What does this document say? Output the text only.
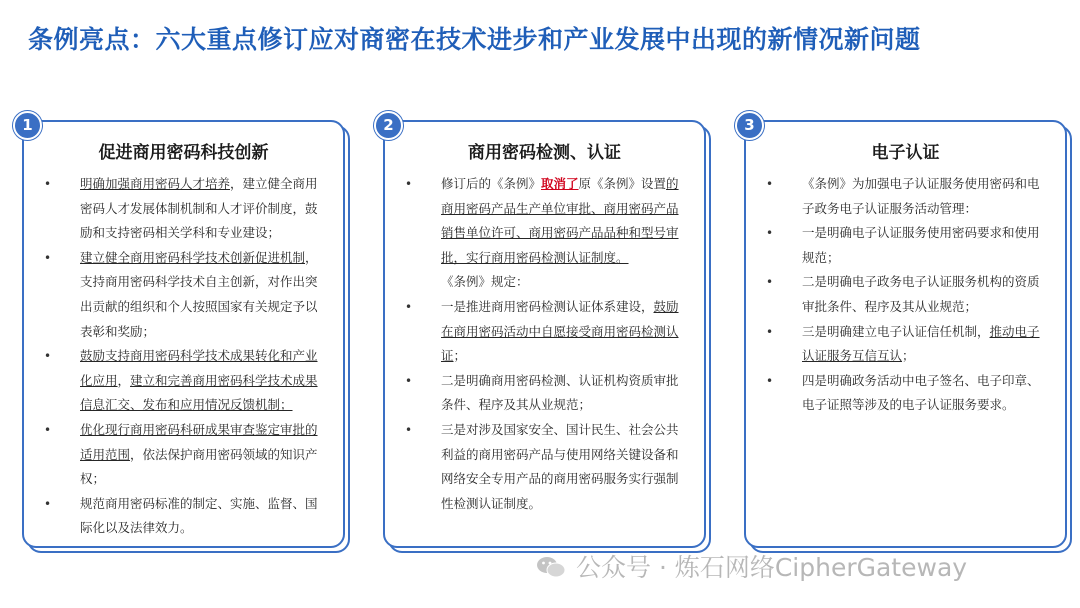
条例亮点：六大重点修订应对商密在技术进步和产业发展中出现的新情况新问题
促进商用密码科技创新
• 明确加强商用密码人才培养，建立健全商用密码人才发展体制机制和人才评价制度，鼓励和支持密码相关学科和专业建设；
• 建立健全商用密码科学技术创新促进机制，支持商用密码科学技术自主创新，对作出突出贡献的组织和个人按照国家有关规定予以表彰和奖励；
• 鼓励支持商用密码科学技术成果转化和产业化应用，建立和完善商用密码科学技术成果信息汇交、发布和应用情况反馈机制；
• 优化现行商用密码科研成果审查鉴定审批的适用范围，依法保护商用密码领域的知识产权；
• 规范商用密码标准的制定、实施、监督、国际化以及法律效力。
1
商用密码检测、认证
• 修订后的《条例》取消了原《条例》设置的商用密码产品生产单位审批、商用密码产品销售单位许可、商用密码产品品种和型号审批，实行商用密码检测认证制度。
《条例》规定：
• 一是推进商用密码检测认证体系建设，鼓励在商用密码活动中自愿接受商用密码检测认证；
• 二是明确商用密码检测、认证机构资质审批条件、程序及其从业规范；
• 三是对涉及国家安全、国计民生、社会公共利益的商用密码产品与使用网络关键设备和网络安全专用产品的商用密码服务实行强制性检测认证制度。
2
电子认证
• 《条例》为加强电子认证服务使用密码和电子政务电子认证服务活动管理：
• 一是明确电子认证服务使用密码要求和使用规范；
• 二是明确电子政务电子认证服务机构的资质审批条件、程序及其从业规范；
• 三是明确建立电子认证信任机制，推动电子认证服务互信互认；
• 四是明确政务活动中电子签名、电子印章、电子证照等涉及的电子认证服务要求。
3
公众号 · 炼石网络CipherGateway
